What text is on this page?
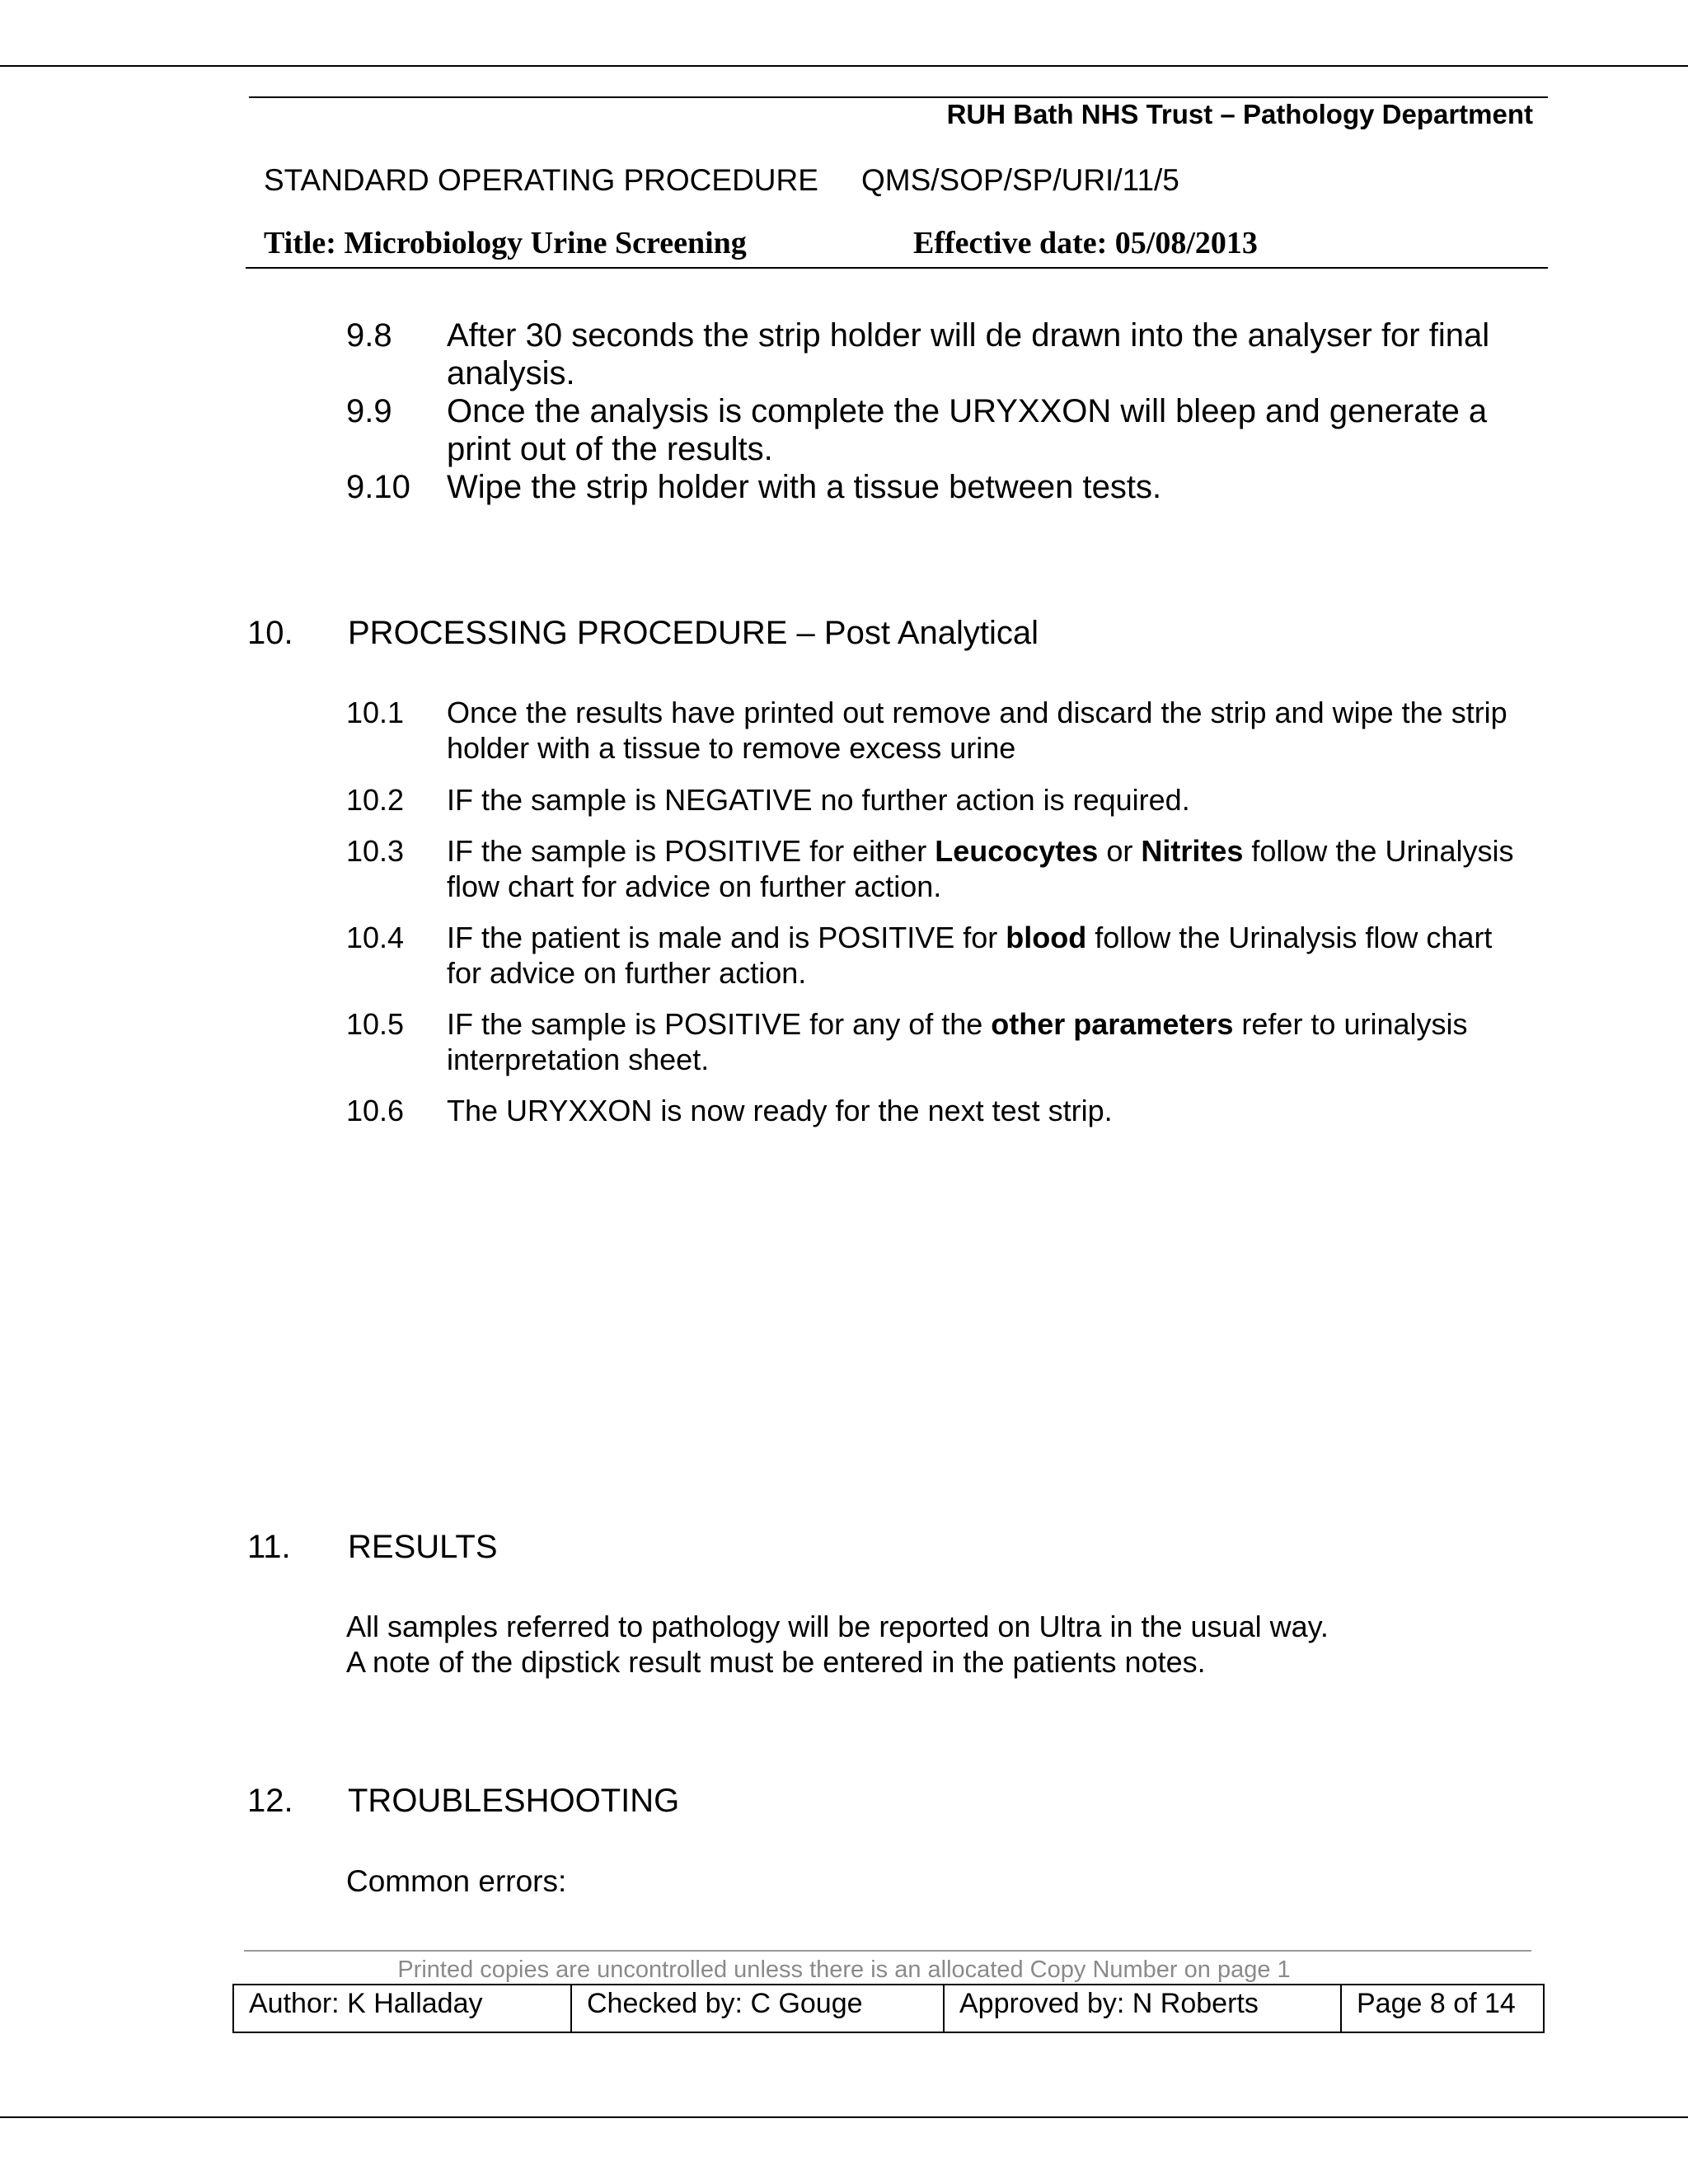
RUH Bath NHS Trust – Pathology Department
STANDARD OPERATING PROCEDURE QMS/SOP/SP/URI/11/5
Title: Microbiology Urine Screening	Effective date: 05/08/2013
9.8 After 30 seconds the strip holder will de drawn into the analyser for final analysis.
9.9 Once the analysis is complete the URYXXON will bleep and generate a print out of the results.
9.10 Wipe the strip holder with a tissue between tests.
10. PROCESSING PROCEDURE – Post Analytical
10.1 Once the results have printed out remove and discard the strip and wipe the strip holder with a tissue to remove excess urine
10.2 IF the sample is NEGATIVE no further action is required.
10.3 IF the sample is POSITIVE for either Leucocytes or Nitrites follow the Urinalysis flow chart for advice on further action.
10.4 IF the patient is male and is POSITIVE for blood follow the Urinalysis flow chart for advice on further action.
10.5 IF the sample is POSITIVE for any of the other parameters refer to urinalysis interpretation sheet.
10.6 The URYXXON is now ready for the next test strip.
11. RESULTS
All samples referred to pathology will be reported on Ultra in the usual way.
A note of the dipstick result must be entered in the patients notes.
12. TROUBLESHOOTING
Common errors:
Printed copies are uncontrolled unless there is an allocated Copy Number on page 1
Author: K Halladay	Checked by: C Gouge	Approved by: N Roberts	Page 8 of 14
